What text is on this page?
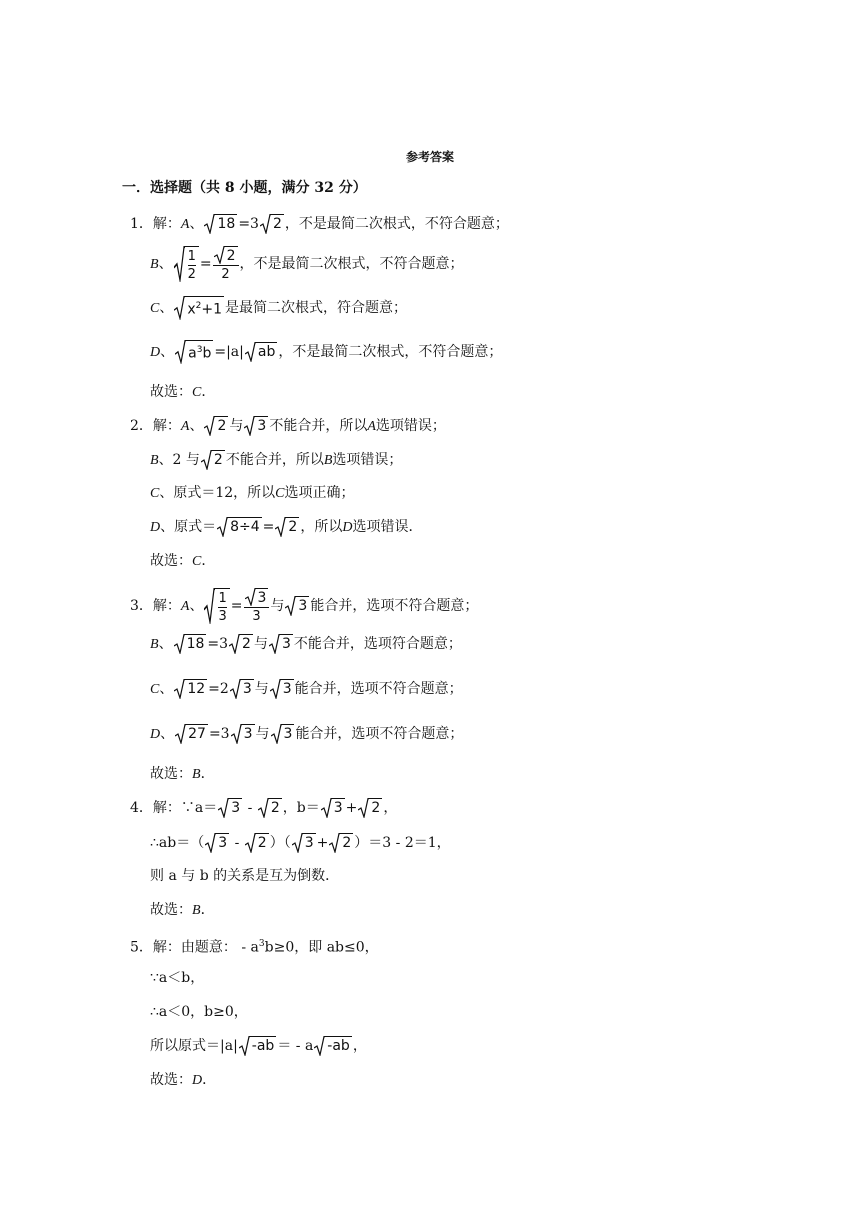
参考答案
一．选择题（共 8 小题，满分 32 分）
1．解：A、 18 =3 2 ，不是最简二次根式，不符合题意；
B、 $\frac{1}{2} = \frac{2}{2}$ ，不是最简二次根式，不符合题意；
C、 $x^2+1$ 是最简二次根式，符合题意；
D、 $a^3b =|a|$ ab ，不是最简二次根式，不符合题意；
故选：C．
2．解：A、 2 与 3 不能合并，所以A选项错误；
B、2 与 2 不能合并，所以B选项错误；
C、原式＝12，所以C选项正确；
D、原式＝ 8÷4 = 2 ，所以D选项错误．
故选：C．
3．解：A、 $\frac{1}{3} = \frac{3}{3}$ 与 3 能合并，选项不符合题意；
B、 18 =3 2 与 3 不能合并，选项符合题意；
C、 12 =2 3 与 3 能合并，选项不符合题意；
D、 27 =3 3 与 3 能合并，选项不符合题意；
故选：B．
4．解：∵a＝ 3 -
2 ，b＝ 3 + 2 ，
∴ab＝（ 3 -
2 ）（ 3 + 2 ）＝3 - 2＝1，
则 a 与 b 的关系是互为倒数．
故选：B．
5．解：由题意： - $a^3b\ge 0$，即 ab≤0，
∵a＜b，
∴a＜0，b≥0，
所以原式＝|a| -ab ＝ - a -ab ，
故选：D．
